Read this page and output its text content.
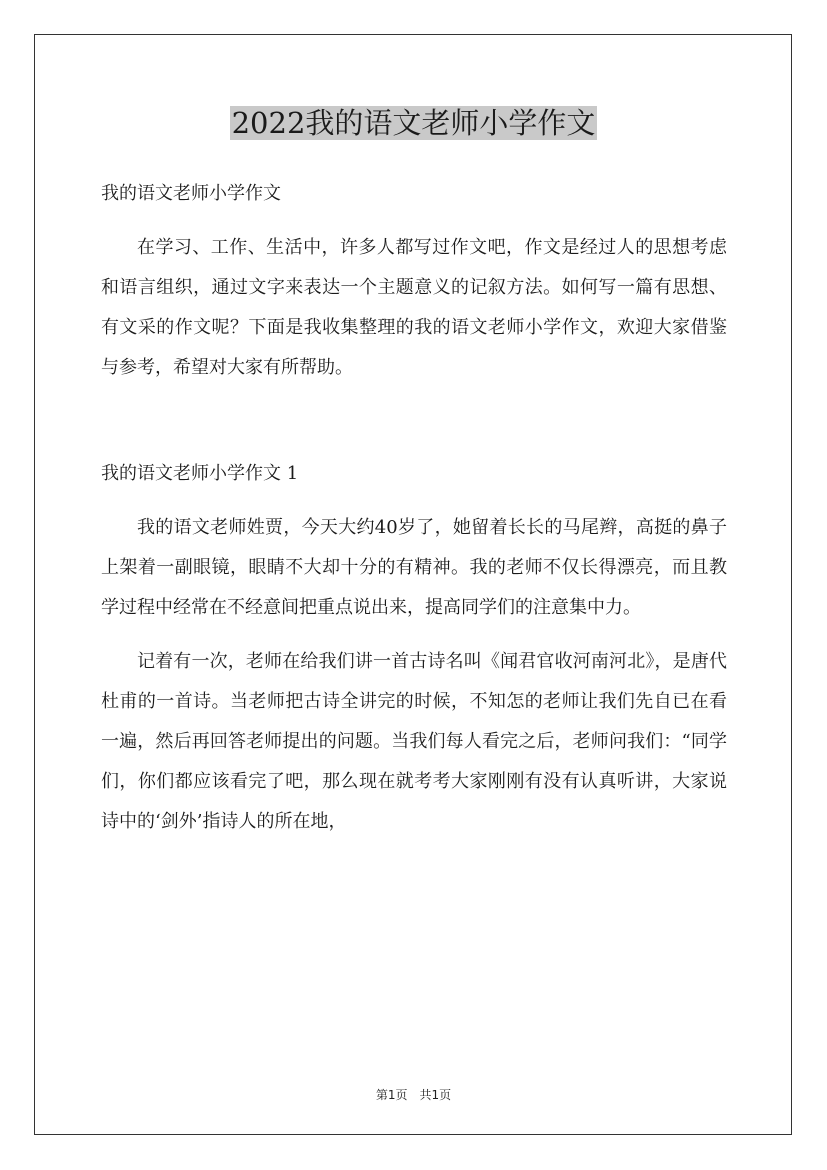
2022我的语文老师小学作文

我的语文老师小学作文

在学习、工作、生活中，许多人都写过作文吧，作文是经过人的思想考虑和语言组织，通过文字来表达一个主题意义的记叙方法。如何写一篇有思想、有文采的作文呢？下面是我收集整理的我的语文老师小学作文，欢迎大家借鉴与参考，希望对大家有所帮助。

我的语文老师小学作文 1

我的语文老师姓贾，今天大约40岁了，她留着长长的马尾辫，高挺的鼻子上架着一副眼镜，眼睛不大却十分的有精神。我的老师不仅长得漂亮，而且教学过程中经常在不经意间把重点说出来，提高同学们的注意集中力。

记着有一次，老师在给我们讲一首古诗名叫《闻君官收河南河北》，是唐代杜甫的一首诗。当老师把古诗全讲完的时候，不知怎的老师让我们先自已在看一遍，然后再回答老师提出的问题。当我们每人看完之后，老师问我们：“同学们，你们都应该看完了吧，那么现在就考考大家刚刚有没有认真听讲，大家说诗中的‘剑外’指诗人的所在地，

第1页　共1页
